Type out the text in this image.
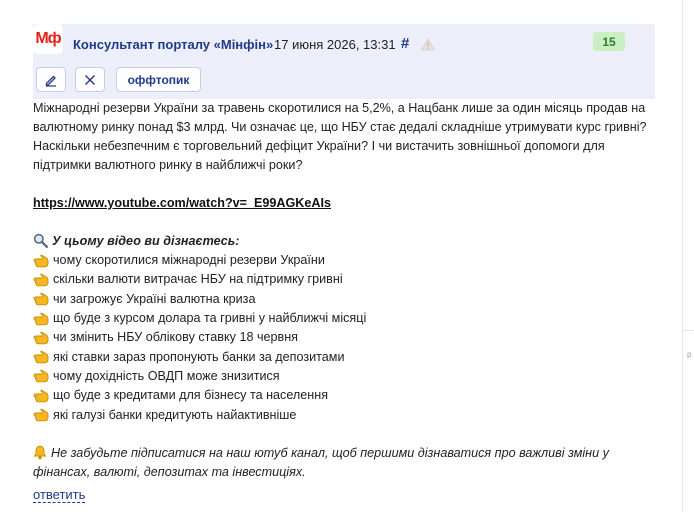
Мф Консультант порталу «Мінфін» 17 июня 2026, 13:31 #	15
оффтопик

Міжнародні резерви України за травень скоротилися на 5,2%, а Нацбанк лише за один місяць продав на валютному ринку понад $3 млрд. Чи означає це, що НБУ стає дедалі складніше утримувати курс гривні? Наскільки небезпечним є торговельний дефіцит України? І чи вистачить зовнішньої допомоги для підтримки валютного ринку в найближчі роки?

https://www.youtube.com/watch?v=_E99AGKeAIs
У цьому відео ви дізнаєтесь:
чому скоротилися міжнародні резерви України
скільки валюти витрачає НБУ на підтримку гривні
чи загрожує Україні валютна криза
що буде з курсом долара та гривні у найближчі місяці
чи змінить НБУ облікову ставку 18 червня
які ставки зараз пропонують банки за депозитами
чому дохідність ОВДП може знизитися
що буде з кредитами для бізнесу та населення
які галузі банки кредитують найактивніше

Не забудьте підписатися на наш ютуб канал, щоб першими дізнаватися про важливі зміни у фінансах, валюті, депозитах та інвестиціях.

ответить
р
